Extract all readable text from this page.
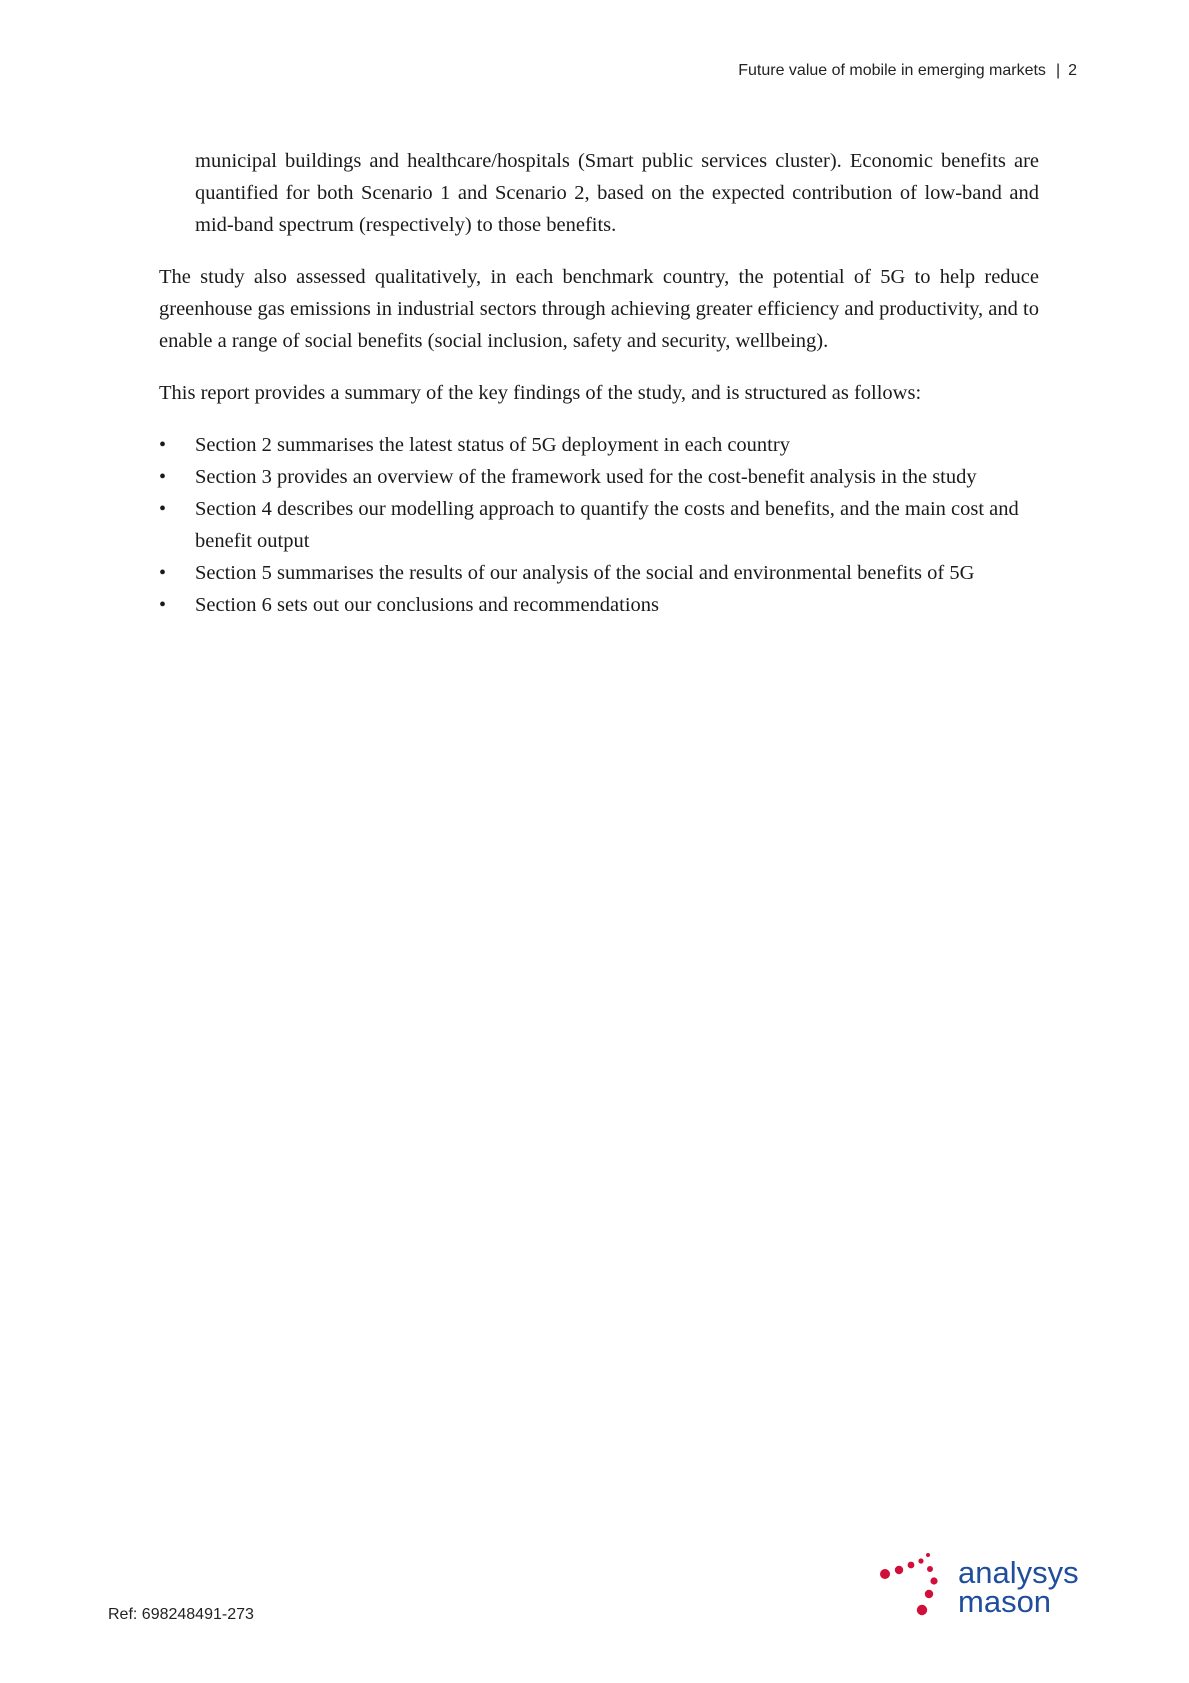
Future value of mobile in emerging markets | 2

municipal buildings and healthcare/hospitals (Smart public services cluster). Economic benefits are quantified for both Scenario 1 and Scenario 2, based on the expected contribution of low-band and mid-band spectrum (respectively) to those benefits.

The study also assessed qualitatively, in each benchmark country, the potential of 5G to help reduce greenhouse gas emissions in industrial sectors through achieving greater efficiency and productivity, and to enable a range of social benefits (social inclusion, safety and security, wellbeing).

This report provides a summary of the key findings of the study, and is structured as follows:

• Section 2 summarises the latest status of 5G deployment in each country
• Section 3 provides an overview of the framework used for the cost-benefit analysis in the study
• Section 4 describes our modelling approach to quantify the costs and benefits, and the main cost and benefit output
• Section 5 summarises the results of our analysis of the social and environmental benefits of 5G
• Section 6 sets out our conclusions and recommendations
Ref: 698248491-273
analysys
mason
